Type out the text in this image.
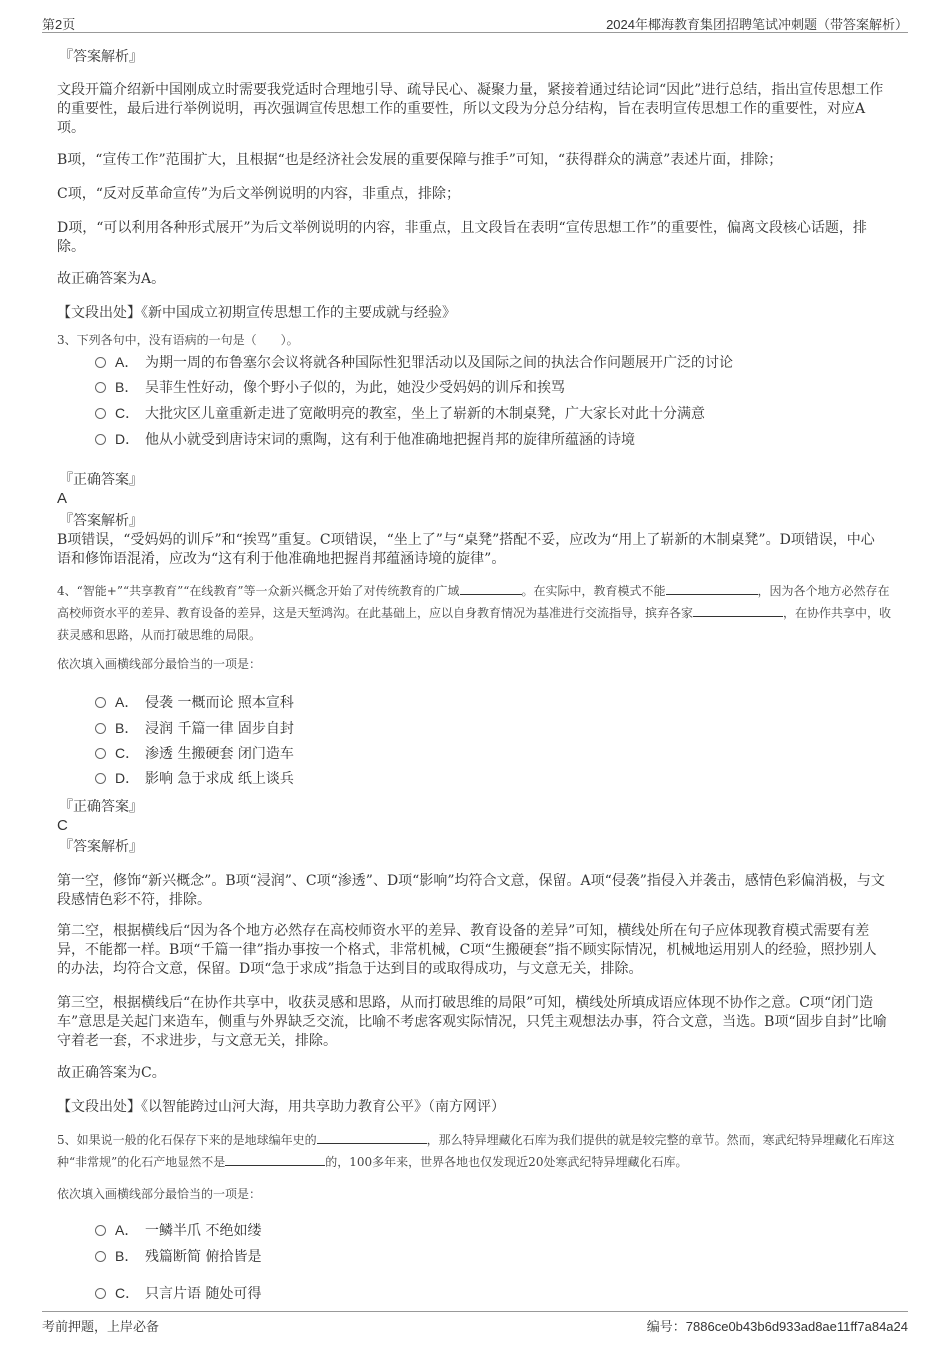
第2页	2024年椰海教育集团招聘笔试冲刺题（带答案解析）
『答案解析』
文段开篇介绍新中国刚成立时需要我党适时合理地引导、疏导民心、凝聚力量，紧接着通过结论词“因此”进行总结，指出宣传思想工作的重要性，最后进行举例说明，再次强调宣传思想工作的重要性，所以文段为分总分结构，旨在表明宣传思想工作的重要性，对应A项。
B项，“宣传工作”范围扩大，且根据“也是经济社会发展的重要保障与推手”可知，“获得群众的满意”表述片面，排除；
C项，“反对反革命宣传”为后文举例说明的内容，非重点，排除；
D项，“可以利用各种形式展开”为后文举例说明的内容，非重点，且文段旨在表明“宣传思想工作”的重要性，偏离文段核心话题，排除。
故正确答案为A。
【文段出处】《新中国成立初期宣传思想工作的主要成就与经验》
3、下列各句中，没有语病的一句是（　　）。
A． 为期一周的布鲁塞尔会议将就各种国际性犯罪活动以及国际之间的执法合作问题展开广泛的讨论
B． 吴菲生性好动，像个野小子似的，为此，她没少受妈妈的训斥和挨骂
C． 大批灾区儿童重新走进了宽敞明亮的教室，坐上了崭新的木制桌凳，广大家长对此十分满意
D． 他从小就受到唐诗宋词的熏陶，这有利于他准确地把握肖邦的旋律所蕴涵的诗境
『正确答案』
A
『答案解析』
B项错误，“受妈妈的训斥”和“挨骂”重复。C项错误，“坐上了”与“桌凳”搭配不妥，应改为“用上了崭新的木制桌凳”。D项错误，中心语和修饰语混淆，应改为“这有利于他准确地把握肖邦蕴涵诗境的旋律”。
4、“智能+”“共享教育”“在线教育”等一众新兴概念开始了对传统教育的广域	。在实际中，教育模式不能	，因为各个地方必然存在高校师资水平的差异、教育设备的差异，这是天堑鸿沟。在此基础上，应以自身教育情况为基准进行交流指导，摈弃各家	，在协作共享中，收获灵感和思路，从而打破思维的局限。
依次填入画横线部分最恰当的一项是：
A． 侵袭 一概而论 照本宣科
B． 浸润 千篇一律 固步自封
C． 渗透 生搬硬套 闭门造车
D． 影响 急于求成 纸上谈兵
『正确答案』
C
『答案解析』
第一空，修饰“新兴概念”。B项“浸润”、C项“渗透”、D项“影响”均符合文意，保留。A项“侵袭”指侵入并袭击，感情色彩偏消极，与文段感情色彩不符，排除。
第二空，根据横线后“因为各个地方必然存在高校师资水平的差异、教育设备的差异”可知，横线处所在句子应体现教育模式需要有差异，不能都一样。B项“千篇一律”指办事按一个格式，非常机械，C项“生搬硬套”指不顾实际情况，机械地运用别人的经验，照抄别人的办法，均符合文意，保留。D项“急于求成”指急于达到目的或取得成功，与文意无关，排除。
第三空，根据横线后“在协作共享中，收获灵感和思路，从而打破思维的局限”可知，横线处所填成语应体现不协作之意。C项“闭门造车”意思是关起门来造车，侧重与外界缺乏交流，比喻不考虑客观实际情况，只凭主观想法办事，符合文意，当选。B项“固步自封”比喻守着老一套，不求进步，与文意无关，排除。
故正确答案为C。
【文段出处】《以智能跨过山河大海，用共享助力教育公平》（南方网评）
5、如果说一般的化石保存下来的是地球编年史的	，那么特异埋藏化石库为我们提供的就是较完整的章节。然而，寒武纪特异埋藏化石库这种“非常规”的化石产地显然不是	的，100多年来，世界各地也仅发现近20处寒武纪特异埋藏化石库。
依次填入画横线部分最恰当的一项是：
A． 一鳞半爪 不绝如缕
B． 残篇断简 俯拾皆是
C． 只言片语 随处可得
考前押题，上岸必备	编号：7886ce0b43b6d933ad8ae11ff7a84a24
